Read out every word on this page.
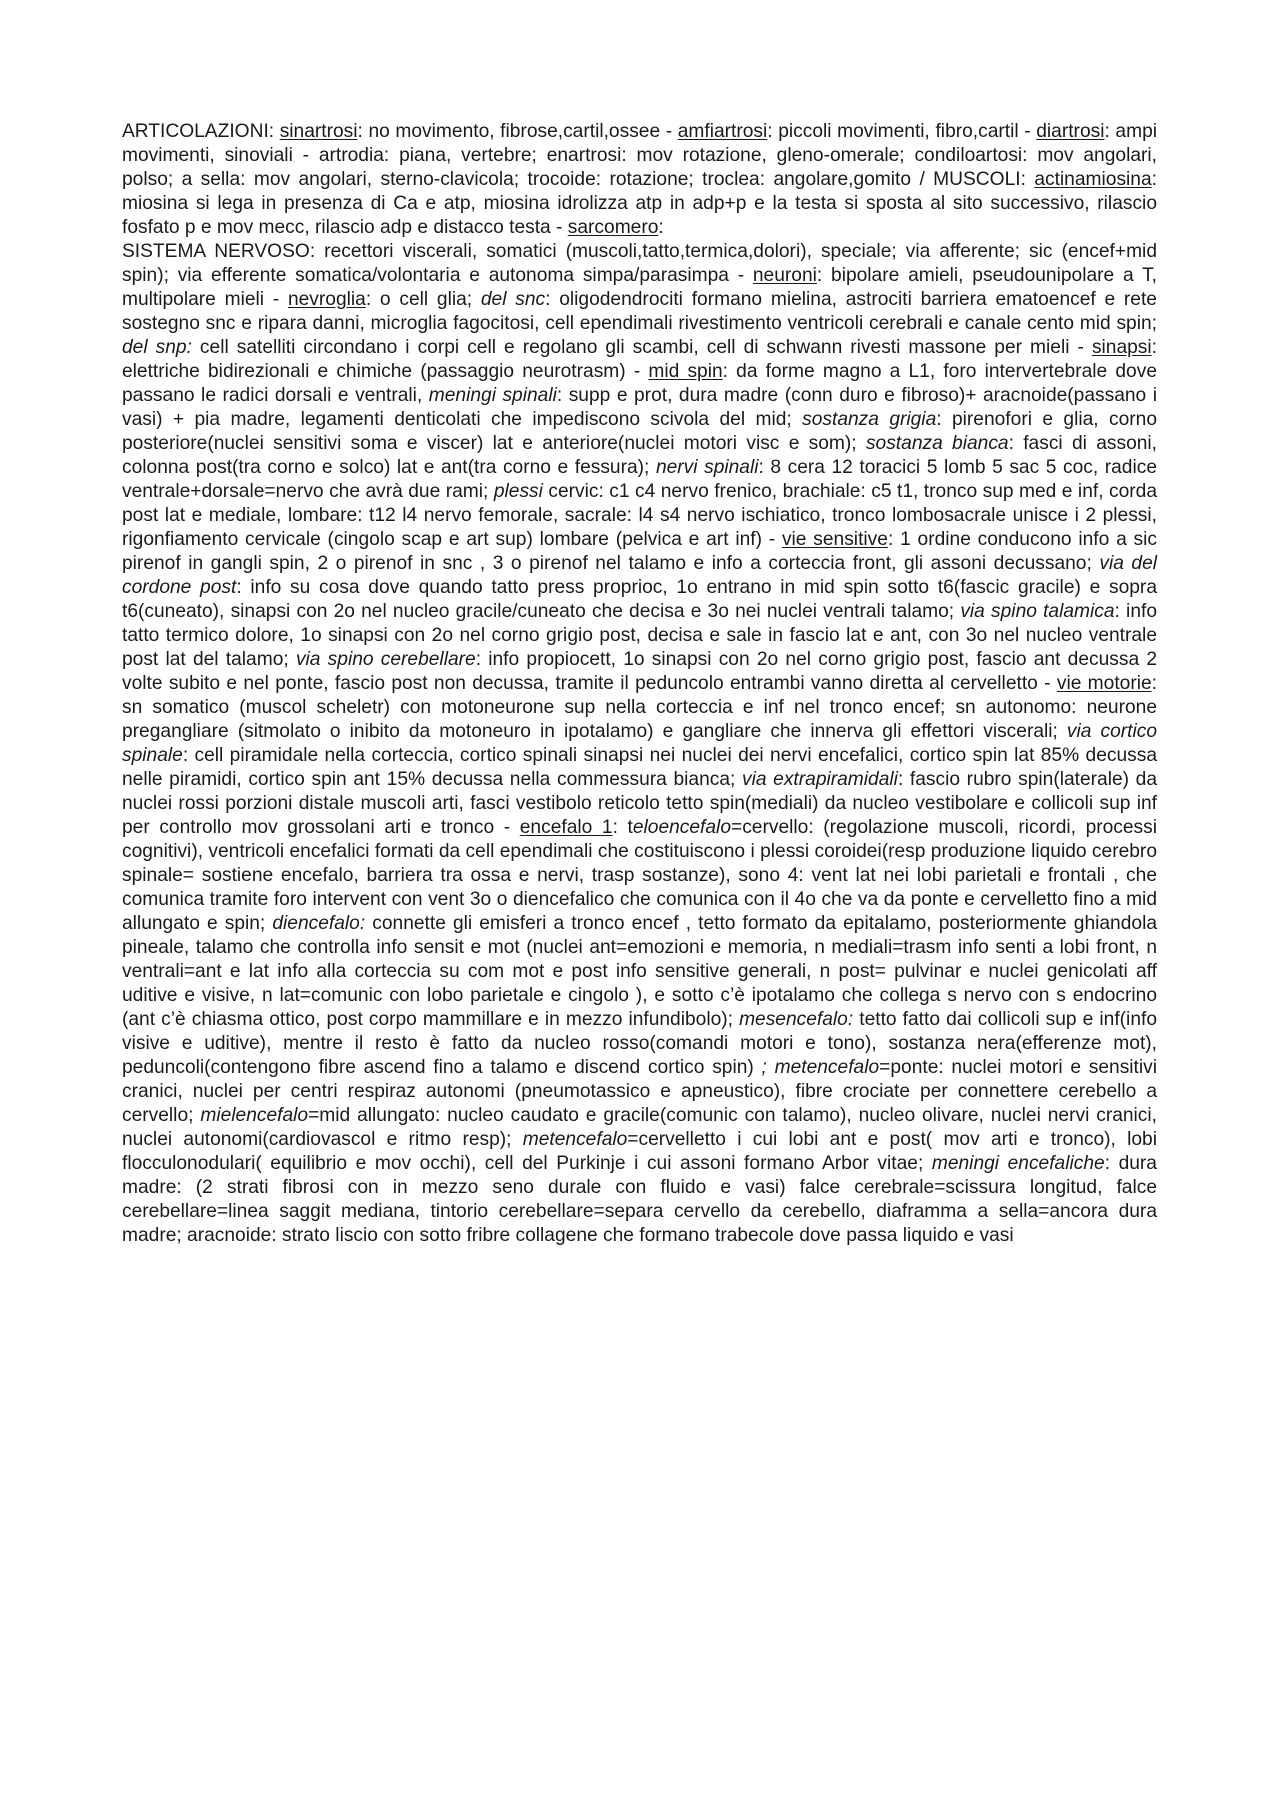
ARTICOLAZIONI: sinartrosi: no movimento, fibrose,cartil,ossee - amfiartrosi: piccoli movimenti, fibro,cartil - diartrosi: ampi movimenti, sinoviali - artrodia: piana, vertebre; enartrosi: mov rotazione, gleno-omerale; condiloartosi: mov angolari, polso; a sella: mov angolari, sterno-clavicola; trocoide: rotazione; troclea: angolare,gomito / MUSCOLI: actinamiosina: miosina si lega in presenza di Ca e atp, miosina idrolizza atp in adp+p e la testa si sposta al sito successivo, rilascio fosfato p e mov mecc, rilascio adp e distacco testa - sarcomero:

SISTEMA NERVOSO: recettori viscerali, somatici (muscoli,tatto,termica,dolori), speciale; via afferente; sic (encef+mid spin); via efferente somatica/volontaria e autonoma simpa/parasimpa - neuroni: bipolare amieli, pseudounipolare a T, multipolare mieli - nevroglia: o cell glia; del snc: oligodendrociti formano mielina, astrociti barriera ematoencef e rete sostegno snc e ripara danni, microglia fagocitosi, cell ependimali rivestimento ventricoli cerebrali e canale cento mid spin; del snp: cell satelliti circondano i corpi cell e regolano gli scambi, cell di schwann rivesti massone per mieli - sinapsi: elettriche bidirezionali e chimiche (passaggio neurotrasm) - mid spin: da forme magno a L1, foro intervertebrale dove passano le radici dorsali e ventrali, meningi spinali: supp e prot, dura madre (conn duro e fibroso)+ aracnoide(passano i vasi) + pia madre, legamenti denticolati che impediscono scivola del mid; sostanza grigia: pirenofori e glia, corno posteriore(nuclei sensitivi soma e viscer) lat e anteriore(nuclei motori visc e som); sostanza bianca: fasci di assoni, colonna post(tra corno e solco) lat e ant(tra corno e fessura); nervi spinali: 8 cera 12 toracici 5 lomb 5 sac 5 coc, radice ventrale+dorsale=nervo che avrà due rami; plessi cervic: c1 c4 nervo frenico, brachiale: c5 t1, tronco sup med e inf, corda post lat e mediale, lombare: t12 l4 nervo femorale, sacrale: l4 s4 nervo ischiatico, tronco lombosacrale unisce i 2 plessi, rigonfiamento cervicale (cingolo scap e art sup) lombare (pelvica e art inf) - vie sensitive: 1 ordine conducono info a sic pirenof in gangli spin, 2 o pirenof in snc , 3 o pirenof nel talamo e info a corteccia front, gli assoni decussano; via del cordone post: info su cosa dove quando tatto press proprioc, 1o entrano in mid spin sotto t6(fascic gracile) e sopra t6(cuneato), sinapsi con 2o nel nucleo gracile/cuneato che decisa e 3o nei nuclei ventrali talamo; via spino talamica: info tatto termico dolore, 1o sinapsi con 2o nel corno grigio post, decisa e sale in fascio lat e ant, con 3o nel nucleo ventrale post lat del talamo; via spino cerebellare: info propiocett, 1o sinapsi con 2o nel corno grigio post, fascio ant decussa 2 volte subito e nel ponte, fascio post non decussa, tramite il peduncolo entrambi vanno diretta al cervelletto - vie motorie: sn somatico (muscol scheletr) con motoneurone sup nella corteccia e inf nel tronco encef; sn autonomo: neurone pregangliare (sitmolato o inibito da motoneuro in ipotalamo) e gangliare che innerva gli effettori viscerali; via cortico spinale: cell piramidale nella corteccia, cortico spinali sinapsi nei nuclei dei nervi encefalici, cortico spin lat 85% decussa nelle piramidi, cortico spin ant 15% decussa nella commessura bianca; via extrapiramidali: fascio rubro spin(laterale) da nuclei rossi porzioni distale muscoli arti, fasci vestibolo reticolo tetto spin(mediali) da nucleo vestibolare e collicoli sup inf per controllo mov grossolani arti e tronco - encefalo 1: teloencefalo=cervello: (regolazione muscoli, ricordi, processi cognitivi), ventricoli encefalici formati da cell ependimali che costituiscono i plessi coroidei(resp produzione liquido cerebro spinale= sostiene encefalo, barriera tra ossa e nervi, trasp sostanze), sono 4: vent lat nei lobi parietali e frontali , che comunica tramite foro intervent con vent 3o o diencefalico che comunica con il 4o che va da ponte e cervelletto fino a mid allungato e spin; diencefalo: connette gli emisferi a tronco encef , tetto formato da epitalamo, posteriormente ghiandola pineale, talamo che controlla info sensit e mot (nuclei ant=emozioni e memoria, n mediali=trasm info senti a lobi front, n ventrali=ant e lat info alla corteccia su com mot e post info sensitive generali, n post= pulvinar e nuclei genicolati aff uditive e visive, n lat=comunic con lobo parietale e cingolo ), e sotto c’è ipotalamo che collega s nervo con s endocrino (ant c’è chiasma ottico, post corpo mammillare e in mezzo infundibolo); mesencefalo: tetto fatto dai collicoli sup e inf(info visive e uditive), mentre il resto è fatto da nucleo rosso(comandi motori e tono), sostanza nera(efferenze mot), peduncoli(contengono fibre ascend fino a talamo e discend cortico spin) ; metencefalo=ponte: nuclei motori e sensitivi cranici, nuclei per centri respiraz autonomi (pneumotassico e apneustico), fibre crociate per connettere cerebello a cervello; mielencefalo=mid allungato: nucleo caudato e gracile(comunic con talamo), nucleo olivare, nuclei nervi cranici, nuclei autonomi(cardiovascol e ritmo resp); metencefalo=cervelletto i cui lobi ant e post( mov arti e tronco), lobi flocculonodulari( equilibrio e mov occhi), cell del Purkinje i cui assoni formano Arbor vitae; meningi encefaliche: dura madre: (2 strati fibrosi con in mezzo seno durale con fluido e vasi) falce cerebrale=scissura longitud, falce cerebellare=linea saggit mediana, tintorio cerebellare=separa cervello da cerebello, diaframma a sella=ancora dura madre; aracnoide: strato liscio con sotto fribre collagene che formano trabecole dove passa liquido e vasi
